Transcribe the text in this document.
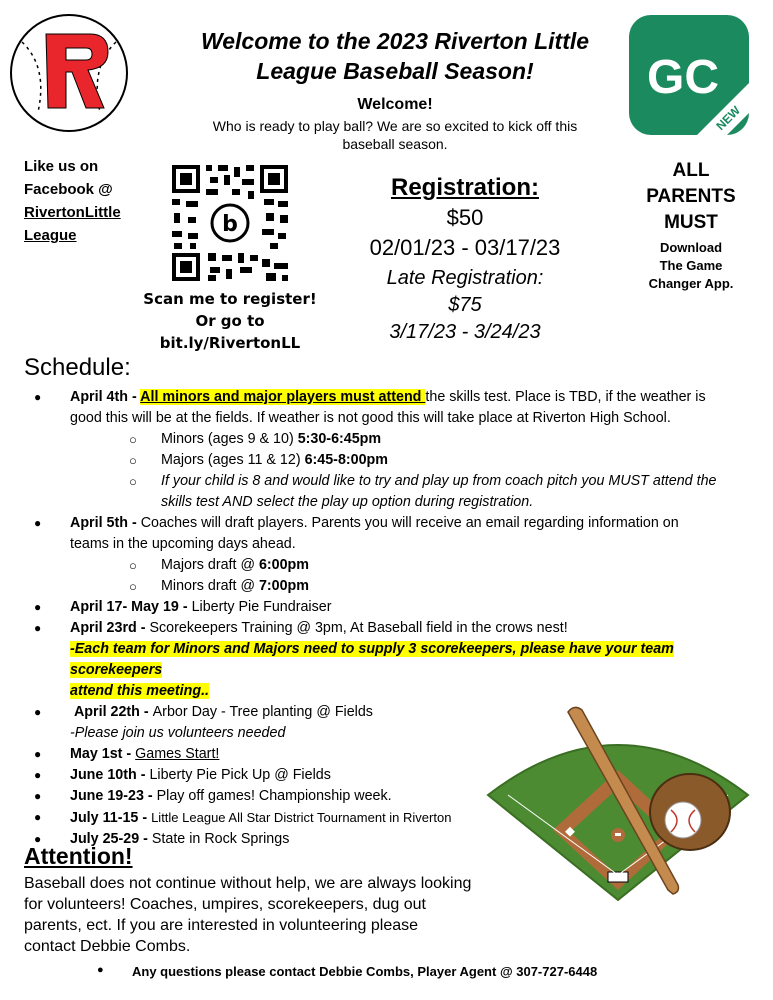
Welcome to the 2023 Riverton Little League Baseball Season!
Welcome!
Who is ready to play ball? We are so excited to kick off this baseball season.
GC
NEW
Like us on
Facebook @
RivertonLittle
League	b
Scan me to register!
Or go to
bit.ly/RivertonLL
Registration:
$50
02/01/23 - 03/17/23
Late Registration:
$75
3/17/23 - 3/24/23
ALL
PARENTS
MUST
Download
The Game
Changer App.
Schedule:
● April 4th - All minors and major players must attend the skills test. Place is TBD, if the weather is
good this will be at the fields. If weather is not good this will take place at Riverton High School.
○ Minors (ages 9 & 10) 5:30-6:45pm
○ Majors (ages 11 & 12) 6:45-8:00pm
○ If your child is 8 and would like to try and play up from coach pitch you MUST attend the
skills test AND select the play up option during registration.
● April 5th - Coaches will draft players. Parents you will receive an email regarding information on
teams in the upcoming days ahead.
○ Majors draft @ 6:00pm
○ Minors draft @ 7:00pm
● April 17- May 19 - Liberty Pie Fundraiser
● April 23rd - Scorekeepers Training @ 3pm, At Baseball field in the crows nest!
-Each team for Minors and Majors need to supply 3 scorekeepers, please have your team scorekeepers
attend this meeting..
● April 22th - Arbor Day - Tree planting @ Fields
-Please join us volunteers needed
● May 1st - Games Start!
● June 10th - Liberty Pie Pick Up @ Fields
● June 19-23 - Play off games! Championship week.
● July 11-15 - Little League All Star District Tournament in Riverton
● July 25-29 - State in Rock Springs
Attention!
Baseball does not continue without help, we are always looking for volunteers! Coaches, umpires, scorekeepers, dug out parents, ect. If you are interested in volunteering please contact Debbie Combs.
● Any questions please contact Debbie Combs, Player Agent @ 307-727-6448
